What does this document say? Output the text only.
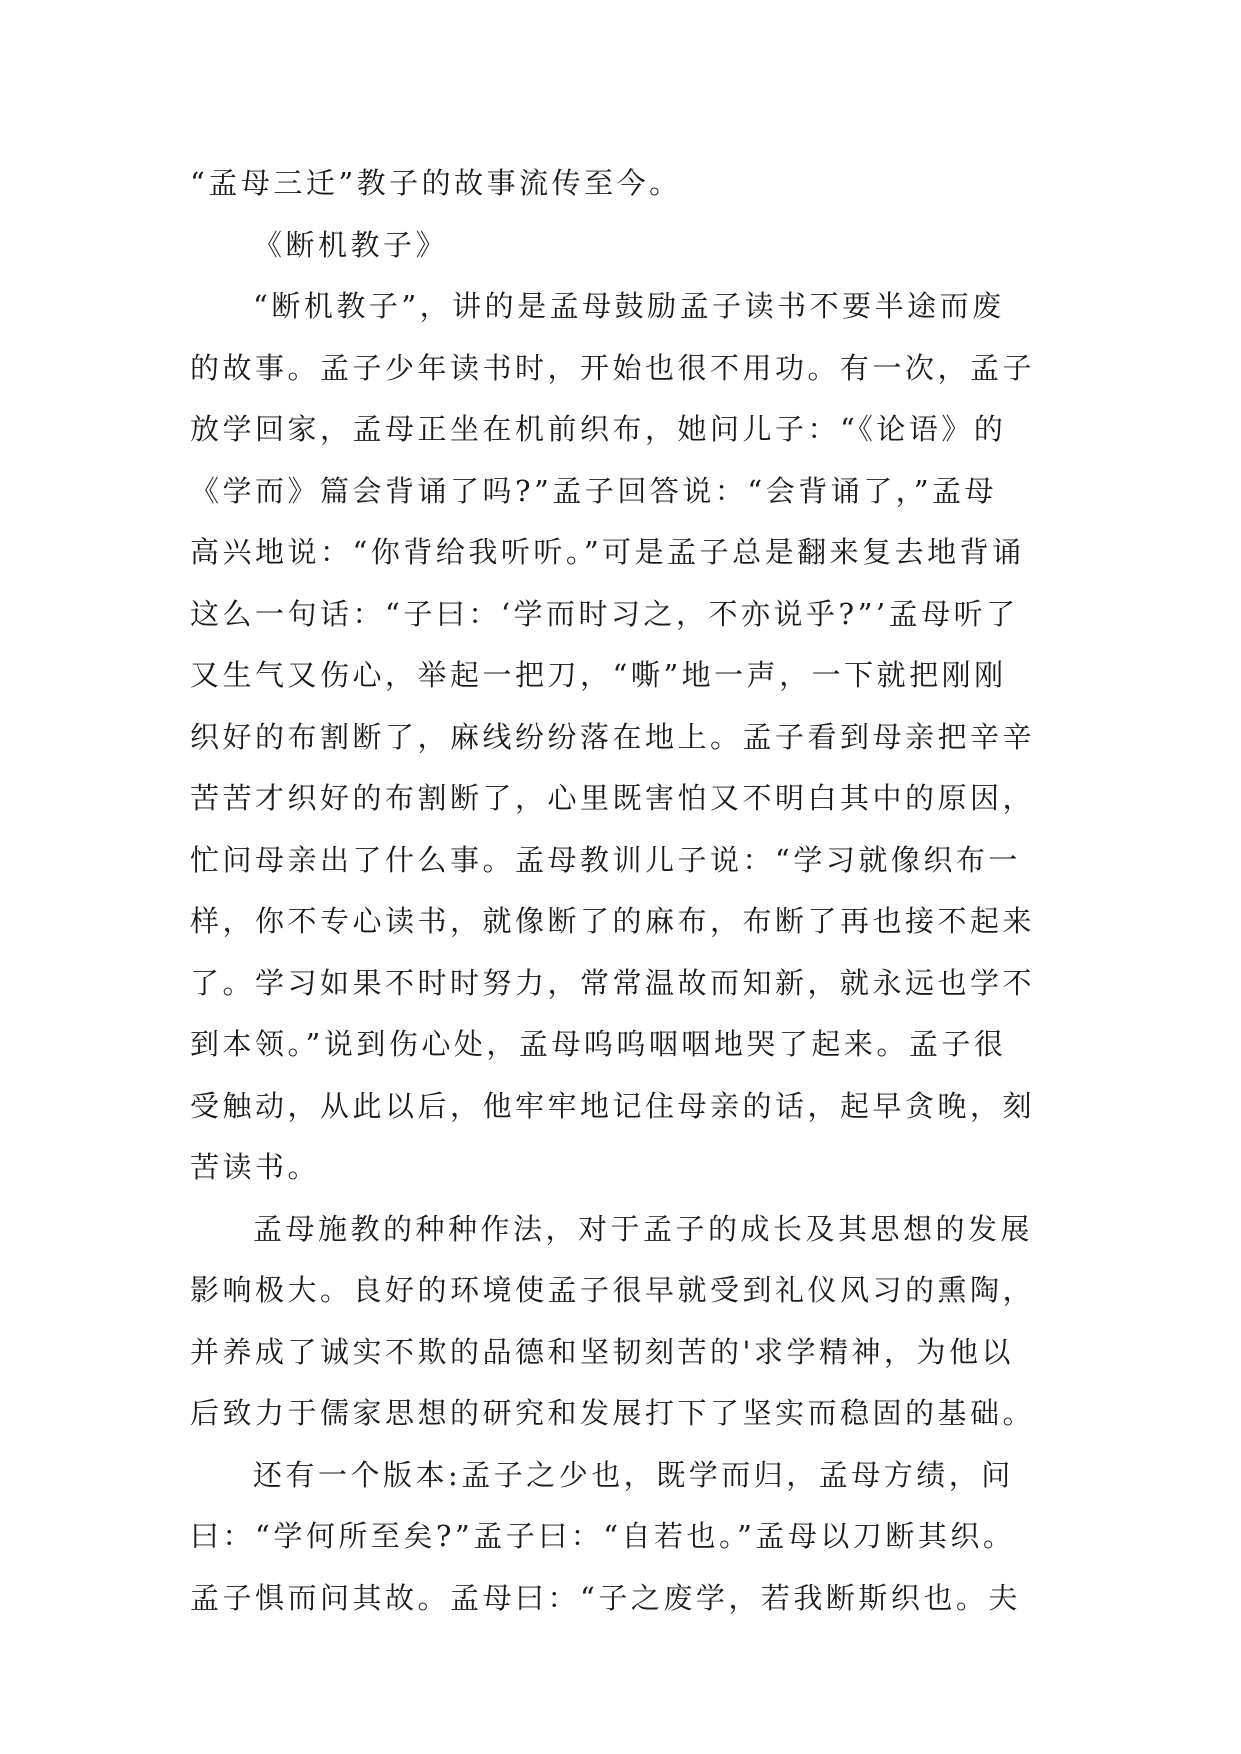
“孟母三迁”教子的故事流传至今。
《断机教子》
“断机教子”，讲的是孟母鼓励孟子读书不要半途而废
的故事。孟子少年读书时，开始也很不用功。有一次，孟子
放学回家，孟母正坐在机前织布，她问儿子：“《论语》的
《学而》篇会背诵了吗?”孟子回答说：“会背诵了，”孟母
高兴地说：“你背给我听听。”可是孟子总是翻来复去地背诵
这么一句话：“子曰：‘学而时习之，不亦说乎?”’孟母听了
又生气又伤心，举起一把刀，“嘶”地一声，一下就把刚刚
织好的布割断了，麻线纷纷落在地上。孟子看到母亲把辛辛
苦苦才织好的布割断了，心里既害怕又不明白其中的原因，
忙问母亲出了什么事。孟母教训儿子说：“学习就像织布一
样，你不专心读书，就像断了的麻布，布断了再也接不起来
了。学习如果不时时努力，常常温故而知新，就永远也学不
到本领。”说到伤心处，孟母呜呜咽咽地哭了起来。孟子很
受触动，从此以后，他牢牢地记住母亲的话，起早贪晚，刻
苦读书。
孟母施教的种种作法，对于孟子的成长及其思想的发展
影响极大。良好的环境使孟子很早就受到礼仪风习的熏陶，
并养成了诚实不欺的品德和坚韧刻苦的'求学精神，为他以
后致力于儒家思想的研究和发展打下了坚实而稳固的基础。
还有一个版本:孟子之少也，既学而归，孟母方绩，问
曰：“学何所至矣?”孟子曰：“自若也。”孟母以刀断其织。
孟子惧而问其故。孟母曰：“子之废学，若我断斯织也。夫
